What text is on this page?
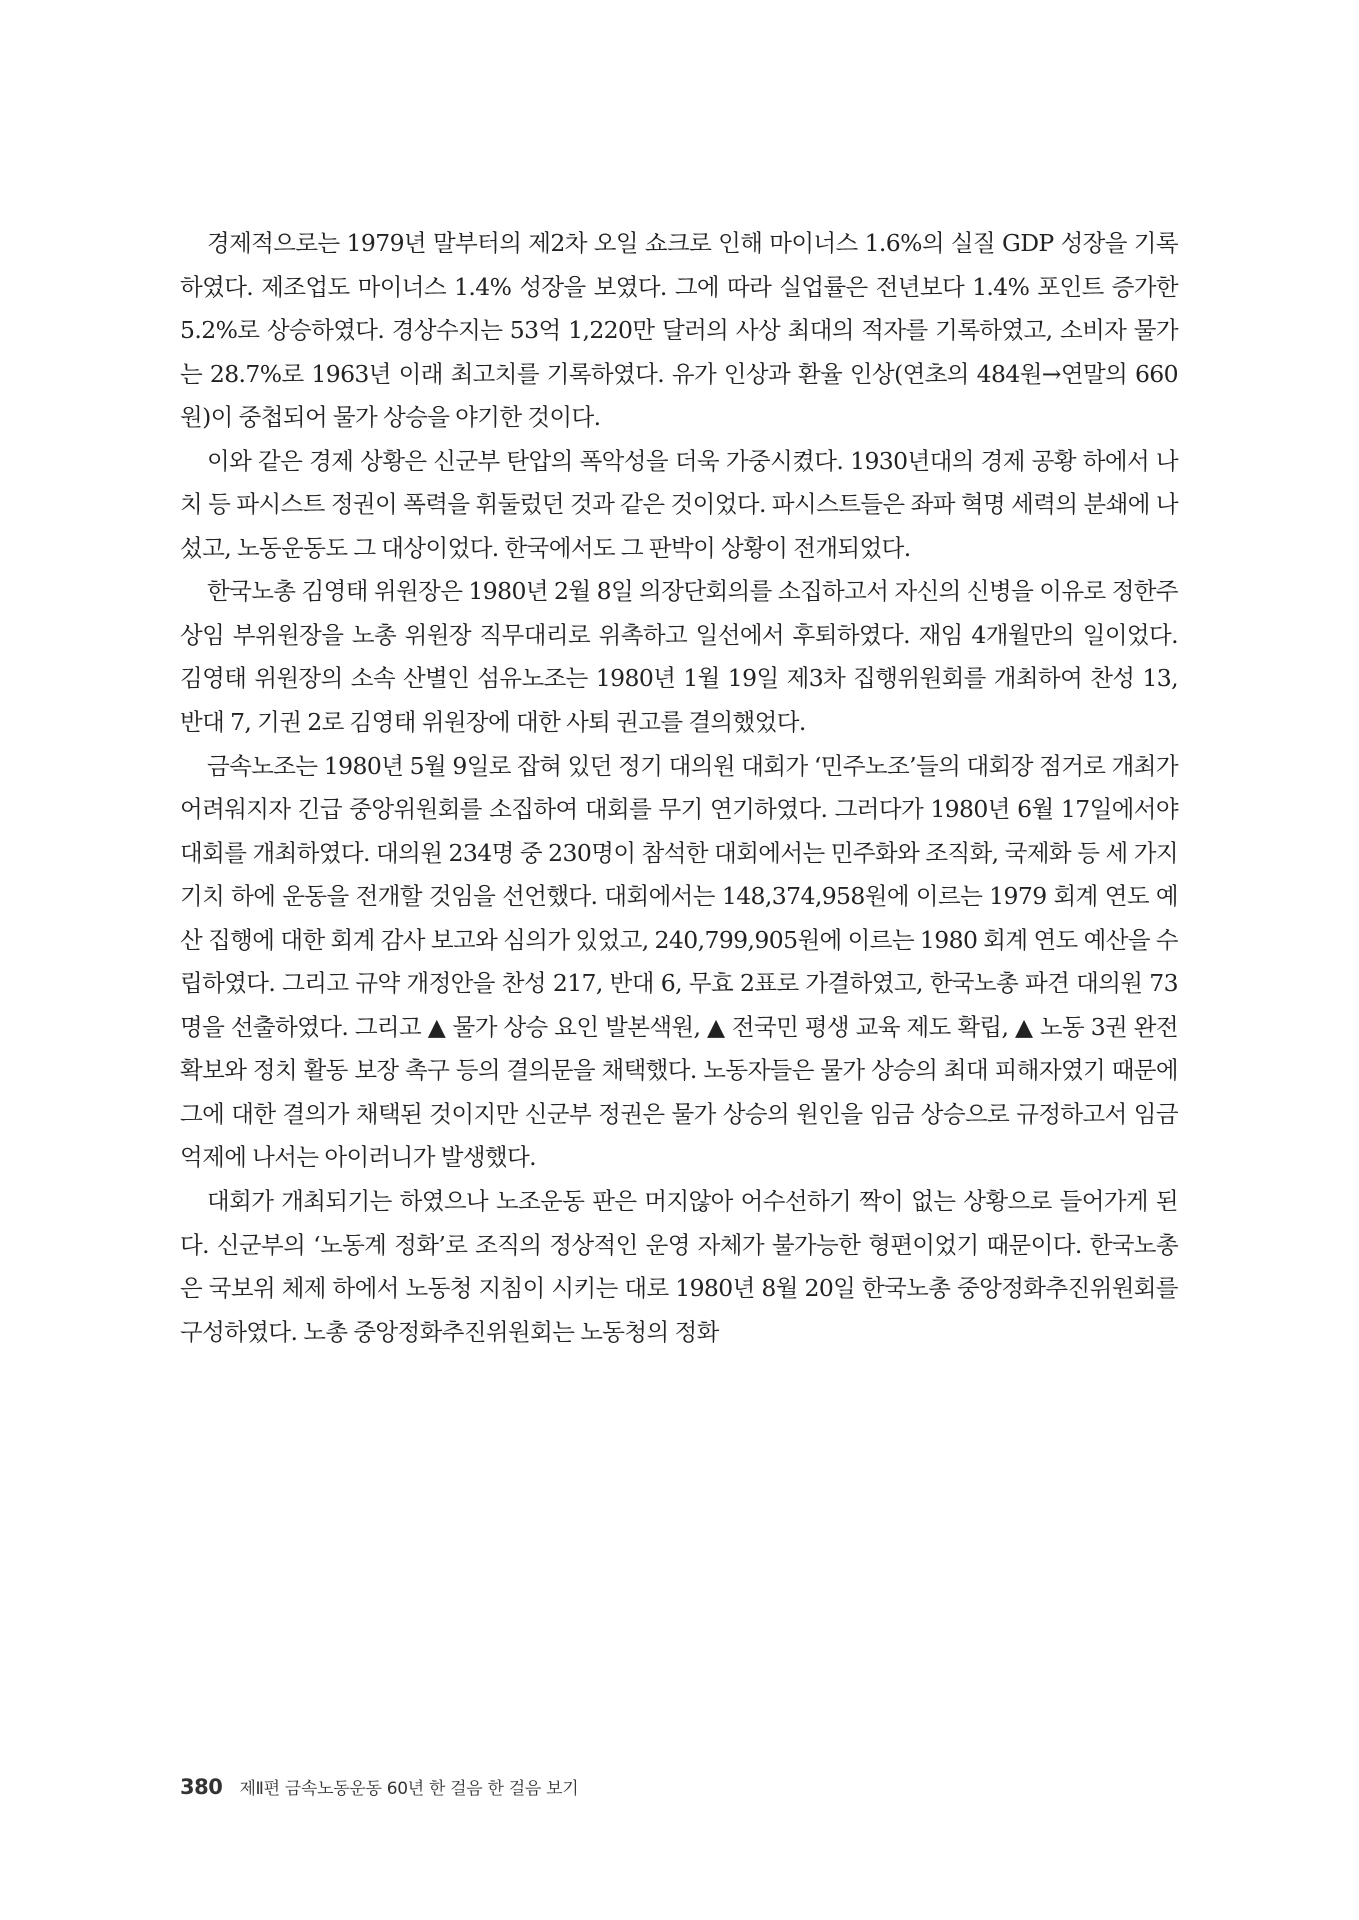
경제적으로는 1979년 말부터의 제2차 오일 쇼크로 인해 마이너스 1.6%의 실질 GDP 성장을 기록하였다. 제조업도 마이너스 1.4% 성장을 보였다. 그에 따라 실업률은 전년보다 1.4% 포인트 증가한 5.2%로 상승하였다. 경상수지는 53억 1,220만 달러의 사상 최대의 적자를 기록하였고, 소비자 물가는 28.7%로 1963년 이래 최고치를 기록하였다. 유가 인상과 환율 인상(연초의 484원→연말의 660원)이 중첩되어 물가 상승을 야기한 것이다.

이와 같은 경제 상황은 신군부 탄압의 폭악성을 더욱 가중시켰다. 1930년대의 경제 공황 하에서 나치 등 파시스트 정권이 폭력을 휘둘렀던 것과 같은 것이었다. 파시스트들은 좌파 혁명 세력의 분쇄에 나섰고, 노동운동도 그 대상이었다. 한국에서도 그 판박이 상황이 전개되었다.

한국노총 김영태 위원장은 1980년 2월 8일 의장단회의를 소집하고서 자신의 신병을 이유로 정한주 상임 부위원장을 노총 위원장 직무대리로 위촉하고 일선에서 후퇴하였다. 재임 4개월만의 일이었다. 김영태 위원장의 소속 산별인 섬유노조는 1980년 1월 19일 제3차 집행위원회를 개최하여 찬성 13, 반대 7, 기권 2로 김영태 위원장에 대한 사퇴 권고를 결의했었다.

금속노조는 1980년 5월 9일로 잡혀 있던 정기 대의원 대회가 ‘민주노조’들의 대회장 점거로 개최가 어려워지자 긴급 중앙위원회를 소집하여 대회를 무기 연기하였다. 그러다가 1980년 6월 17일에서야 대회를 개최하였다. 대의원 234명 중 230명이 참석한 대회에서는 민주화와 조직화, 국제화 등 세 가지 기치 하에 운동을 전개할 것임을 선언했다. 대회에서는 148,374,958원에 이르는 1979 회계 연도 예산 집행에 대한 회계 감사 보고와 심의가 있었고, 240,799,905원에 이르는 1980 회계 연도 예산을 수립하였다. 그리고 규약 개정안을 찬성 217, 반대 6, 무효 2표로 가결하였고, 한국노총 파견 대의원 73명을 선출하였다. 그리고 ▲ 물가 상승 요인 발본색원, ▲ 전국민 평생 교육 제도 확립, ▲ 노동 3권 완전 확보와 정치 활동 보장 촉구 등의 결의문을 채택했다. 노동자들은 물가 상승의 최대 피해자였기 때문에 그에 대한 결의가 채택된 것이지만 신군부 정권은 물가 상승의 원인을 임금 상승으로 규정하고서 임금 억제에 나서는 아이러니가 발생했다.

대회가 개최되기는 하였으나 노조운동 판은 머지않아 어수선하기 짝이 없는 상황으로 들어가게 된다. 신군부의 ‘노동계 정화’로 조직의 정상적인 운영 자체가 불가능한 형편이었기 때문이다. 한국노총은 국보위 체제 하에서 노동청 지침이 시키는 대로 1980년 8월 20일 한국노총 중앙정화추진위원회를 구성하였다. 노총 중앙정화추진위원회는 노동청의 정화

380 제Ⅱ편 금속노동운동 60년 한 걸음 한 걸음 보기
